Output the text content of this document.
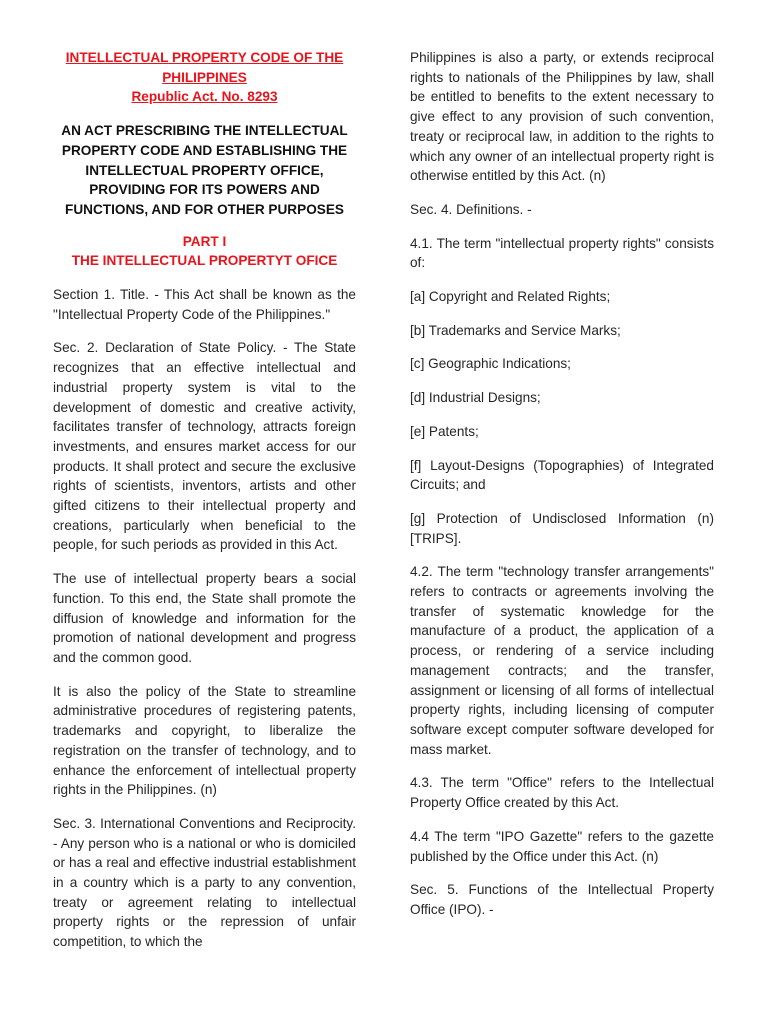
INTELLECTUAL PROPERTY CODE OF THE
PHILIPPINES
Republic Act. No. 8293
AN ACT PRESCRIBING THE INTELLECTUAL PROPERTY CODE AND ESTABLISHING THE INTELLECTUAL PROPERTY OFFICE, PROVIDING FOR ITS POWERS AND FUNCTIONS, AND FOR OTHER PURPOSES
PART I
THE INTELLECTUAL PROPERTYT OFICE

Section 1. Title. - This Act shall be known as the "Intellectual Property Code of the Philippines."

Sec. 2. Declaration of State Policy. - The State recognizes that an effective intellectual and industrial property system is vital to the development of domestic and creative activity, facilitates transfer of technology, attracts foreign investments, and ensures market access for our products. It shall protect and secure the exclusive rights of scientists, inventors, artists and other gifted citizens to their intellectual property and creations, particularly when beneficial to the people, for such periods as provided in this Act.

The use of intellectual property bears a social function. To this end, the State shall promote the diffusion of knowledge and information for the promotion of national development and progress and the common good.

It is also the policy of the State to streamline administrative procedures of registering patents, trademarks and copyright, to liberalize the registration on the transfer of technology, and to enhance the enforcement of intellectual property rights in the Philippines. (n)

Sec. 3. International Conventions and Reciprocity. - Any person who is a national or who is domiciled or has a real and effective industrial establishment in a country which is a party to any convention, treaty or agreement relating to intellectual property rights or the repression of unfair competition, to which the

Philippines is also a party, or extends reciprocal rights to nationals of the Philippines by law, shall be entitled to benefits to the extent necessary to give effect to any provision of such convention, treaty or reciprocal law, in addition to the rights to which any owner of an intellectual property right is otherwise entitled by this Act. (n)

Sec. 4. Definitions. -

4.1. The term "intellectual property rights" consists of:

[a] Copyright and Related Rights;

[b] Trademarks and Service Marks;

[c] Geographic Indications;

[d] Industrial Designs;

[e] Patents;

[f] Layout-Designs (Topographies) of Integrated Circuits; and

[g] Protection of Undisclosed Information (n) [TRIPS].

4.2. The term "technology transfer arrangements" refers to contracts or agreements involving the transfer of systematic knowledge for the manufacture of a product, the application of a process, or rendering of a service including management contracts; and the transfer, assignment or licensing of all forms of intellectual property rights, including licensing of computer software except computer software developed for mass market.

4.3. The term "Office" refers to the Intellectual Property Office created by this Act.

4.4 The term "IPO Gazette" refers to the gazette published by the Office under this Act. (n)

Sec. 5. Functions of the Intellectual Property Office (IPO). -
